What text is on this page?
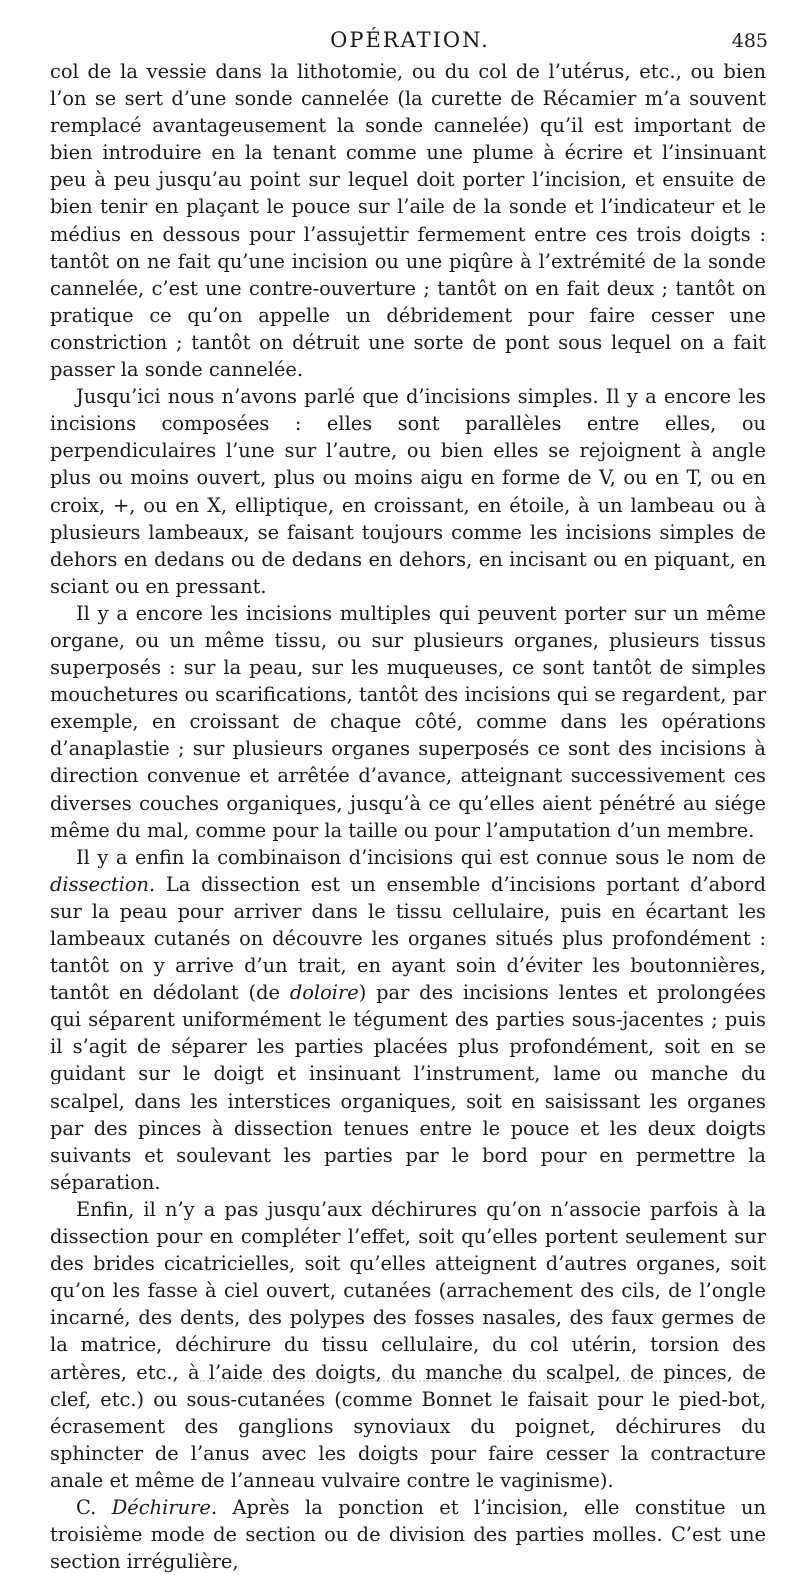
OPÉRATION.	485

col de la vessie dans la lithotomie, ou du col de l’utérus, etc., ou bien l’on se sert d’une sonde cannelée (la curette de Récamier m’a souvent remplacé avantageusement la sonde cannelée) qu’il est important de bien introduire en la tenant comme une plume à écrire et l’insinuant peu à peu jusqu’au point sur lequel doit porter l’incision, et ensuite de bien tenir en plaçant le pouce sur l’aile de la sonde et l’indicateur et le médius en dessous pour l’assujettir fermement entre ces trois doigts : tantôt on ne fait qu’une incision ou une piqûre à l’extrémité de la sonde cannelée, c’est une contre-ouverture ; tantôt on en fait deux ; tantôt on pratique ce qu’on appelle un débridement pour faire cesser une constriction ; tantôt on détruit une sorte de pont sous lequel on a fait passer la sonde cannelée.

Jusqu’ici nous n’avons parlé que d’incisions simples. Il y a encore les incisions composées : elles sont parallèles entre elles, ou perpendiculaires l’une sur l’autre, ou bien elles se rejoignent à angle plus ou moins ouvert, plus ou moins aigu en forme de V, ou en T, ou en croix, +, ou en X, elliptique, en croissant, en étoile, à un lambeau ou à plusieurs lambeaux, se faisant toujours comme les incisions simples de dehors en dedans ou de dedans en dehors, en incisant ou en piquant, en sciant ou en pressant.

Il y a encore les incisions multiples qui peuvent porter sur un même organe, ou un même tissu, ou sur plusieurs organes, plusieurs tissus superposés : sur la peau, sur les muqueuses, ce sont tantôt de simples mouchetures ou scarifications, tantôt des incisions qui se regardent, par exemple, en croissant de chaque côté, comme dans les opérations d’anaplastie ; sur plusieurs organes superposés ce sont des incisions à direction convenue et arrêtée d’avance, atteignant successivement ces diverses couches organiques, jusqu’à ce qu’elles aient pénétré au siége même du mal, comme pour la taille ou pour l’amputation d’un membre.

Il y a enfin la combinaison d’incisions qui est connue sous le nom de dissection. La dissection est un ensemble d’incisions portant d’abord sur la peau pour arriver dans le tissu cellulaire, puis en écartant les lambeaux cutanés on découvre les organes situés plus profondément : tantôt on y arrive d’un trait, en ayant soin d’éviter les boutonnières, tantôt en dédolant (de doloire) par des incisions lentes et prolongées qui séparent uniformément le tégument des parties sous-jacentes ; puis il s’agit de séparer les parties placées plus profondément, soit en se guidant sur le doigt et insinuant l’instrument, lame ou manche du scalpel, dans les interstices organiques, soit en saisissant les organes par des pinces à dissection tenues entre le pouce et les deux doigts suivants et soulevant les parties par le bord pour en permettre la séparation.

Enfin, il n’y a pas jusqu’aux déchirures qu’on n’associe parfois à la dissection pour en compléter l’effet, soit qu’elles portent seulement sur des brides cicatricielles, soit qu’elles atteignent d’autres organes, soit qu’on les fasse à ciel ouvert, cutanées (arrachement des cils, de l’ongle incarné, des dents, des polypes des fosses nasales, des faux germes de la matrice, déchirure du tissu cellulaire, du col utérin, torsion des artères, etc., à l’aide des doigts, du manche du scalpel, de pinces, de clef, etc.) ou sous-cutanées (comme Bonnet le faisait pour le pied-bot, écrasement des ganglions synoviaux du poignet, déchirures du sphincter de l’anus avec les doigts pour faire cesser la contracture anale et même de l’anneau vulvaire contre le vaginisme).

C. Déchirure. Après la ponction et l’incision, elle constitue un troisième mode de section ou de division des parties molles. C’est une section irrégulière,
